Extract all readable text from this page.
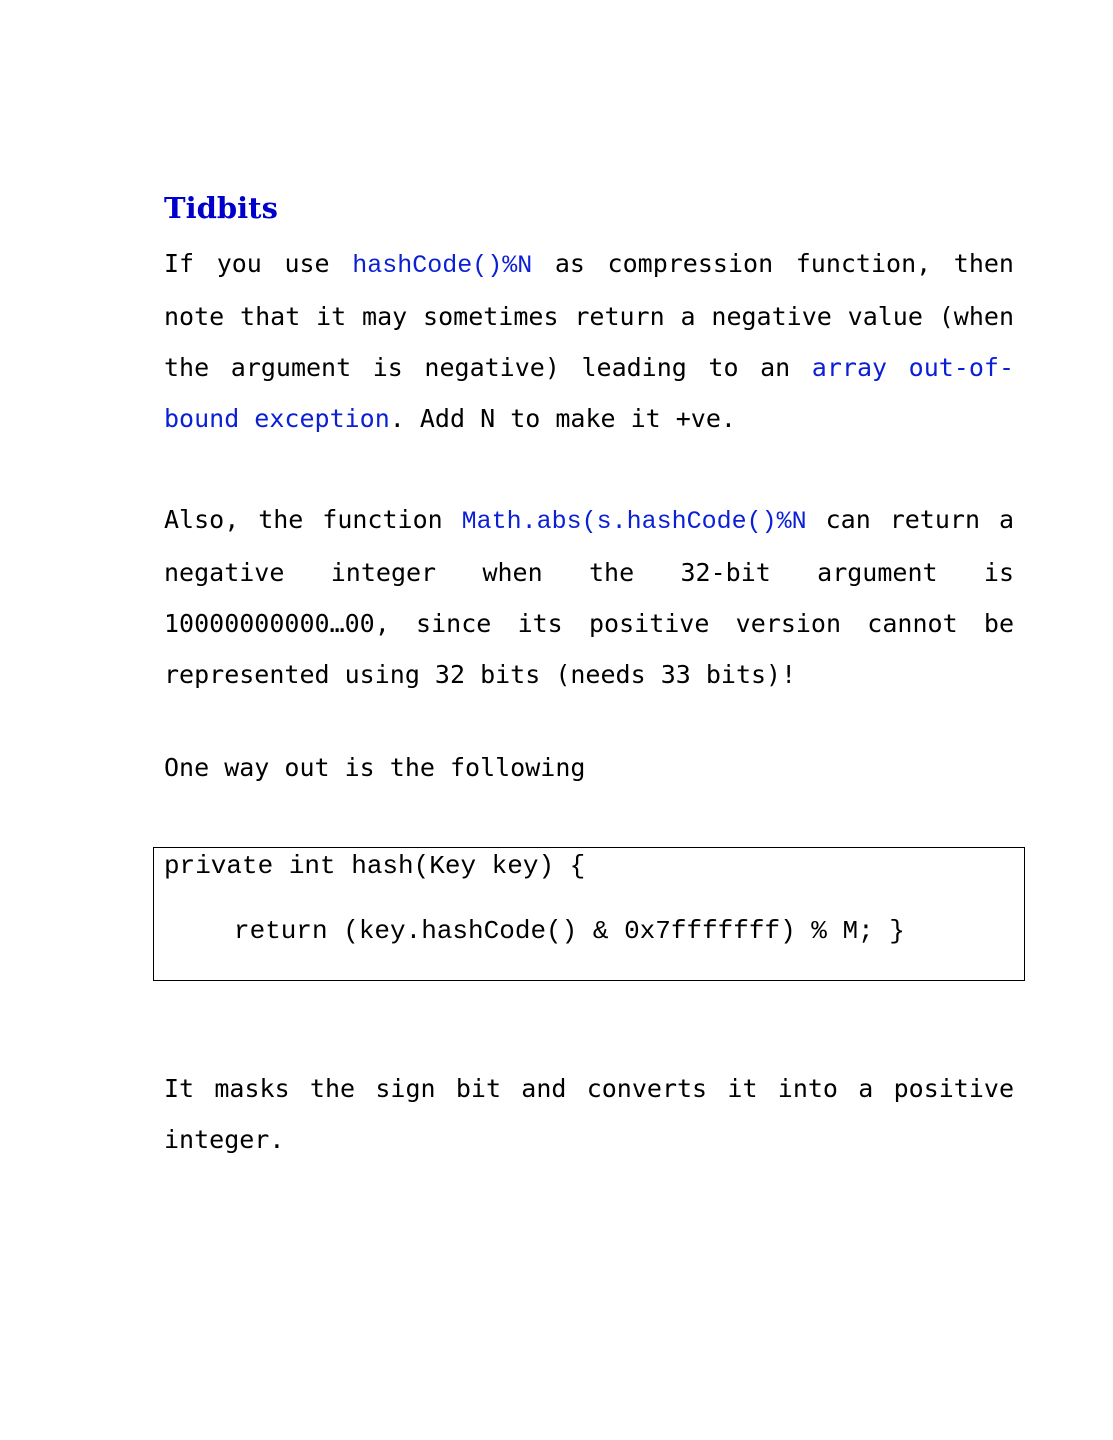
Tidbits

If you use hashCode()%N as compression function, then note that it may sometimes return a negative value (when the argument is negative) leading to an array out-of-bound exception. Add N to make it +ve.

Also, the function Math.abs(s.hashCode()%N can return a negative integer when the 32-bit argument is 10000000000…00, since its positive version cannot be represented using 32 bits (needs 33 bits)!

One way out is the following

private int hash(Key key) {
return (key.hashCode() & 0x7fffffff) % M; }

It masks the sign bit and converts it into a positive integer.
